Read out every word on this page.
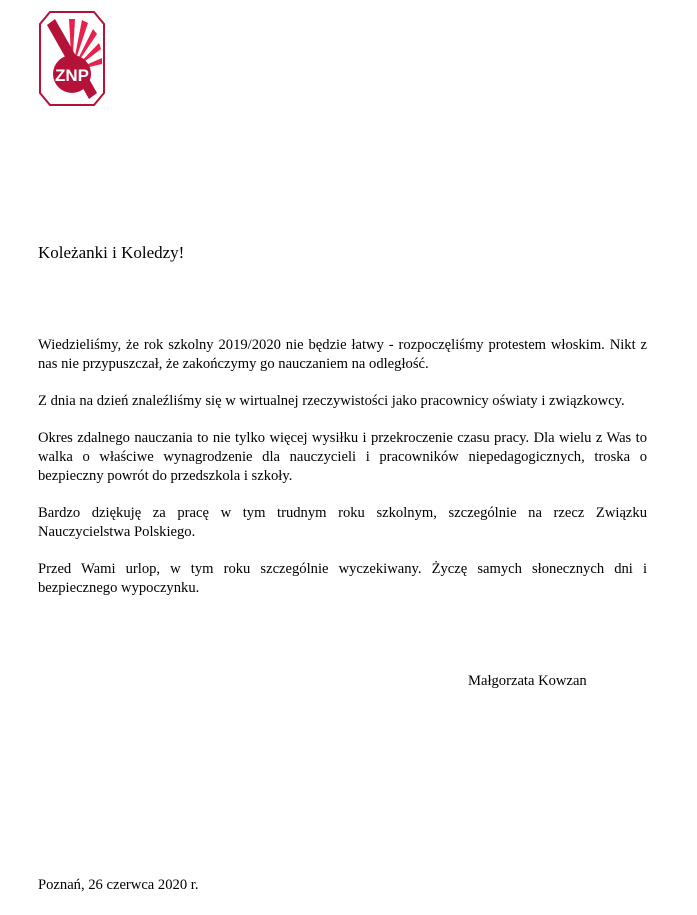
ZNP

Koleżanki i Koledzy!

Wiedzieliśmy, że rok szkolny 2019/2020 nie będzie łatwy - rozpoczęliśmy protestem włoskim. Nikt z nas nie przypuszczał, że zakończymy go nauczaniem na odległość.

Z dnia na dzień znaleźliśmy się w wirtualnej rzeczywistości jako pracownicy oświaty i związkowcy.

Okres zdalnego nauczania to nie tylko więcej wysiłku i przekroczenie czasu pracy. Dla wielu z Was to walka o właściwe wynagrodzenie dla nauczycieli i pracowników niepedagogicznych, troska o bezpieczny powrót do przedszkola i szkoły.

Bardzo dziękuję za pracę w tym trudnym roku szkolnym, szczególnie na rzecz Związku Nauczycielstwa Polskiego.

Przed Wami urlop, w tym roku szczególnie wyczekiwany. Życzę samych słonecznych dni i bezpiecznego wypoczynku.

Małgorzata Kowzan

Poznań, 26 czerwca 2020 r.
